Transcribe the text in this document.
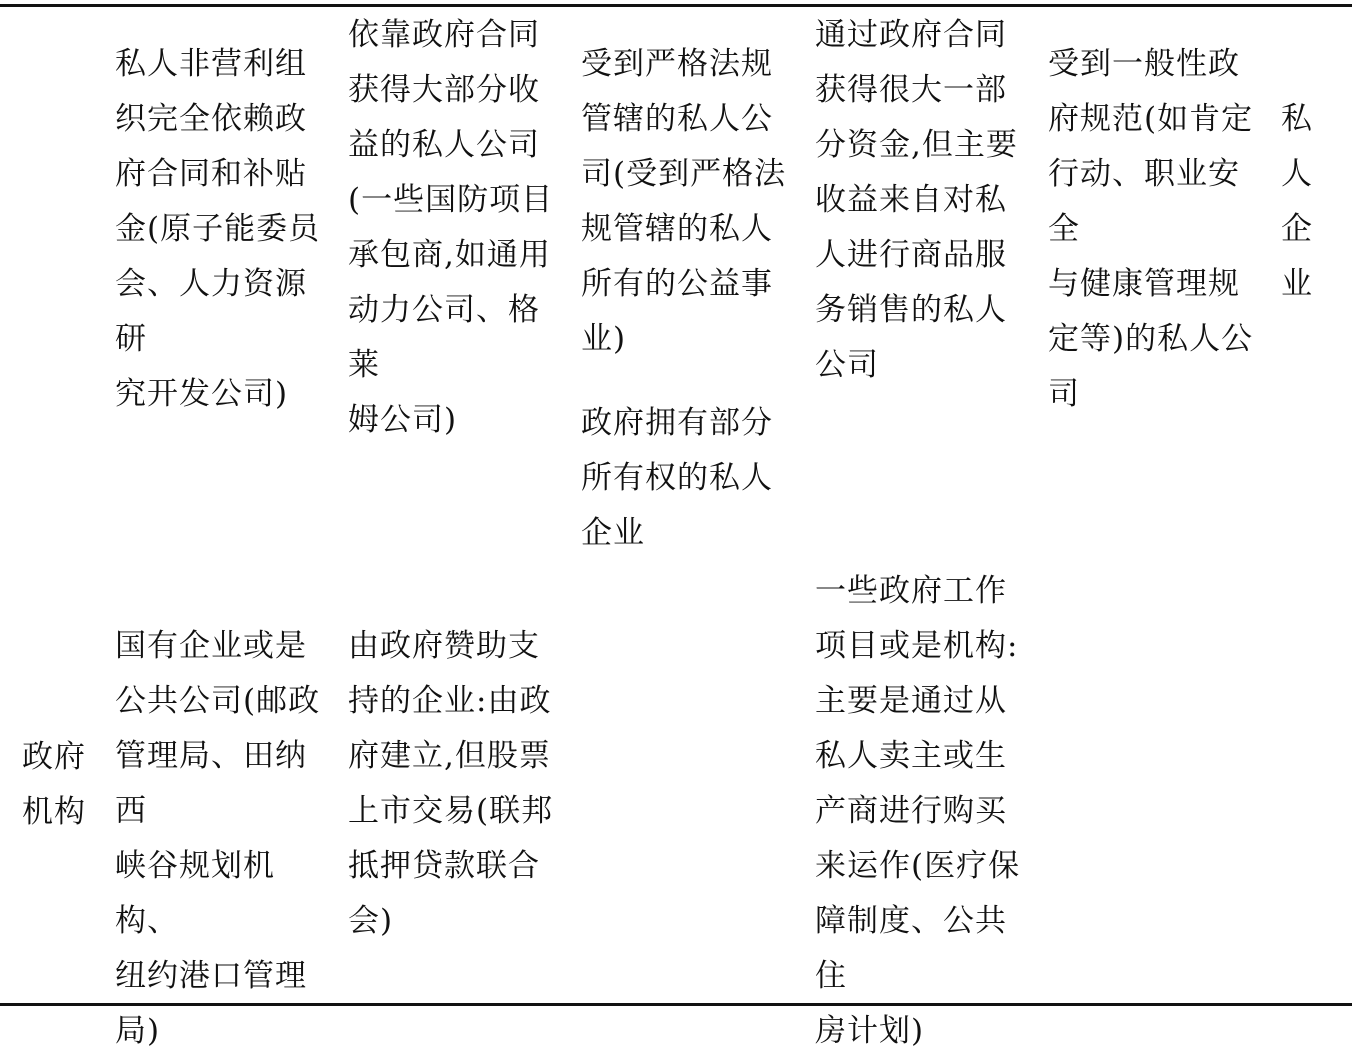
私人非营利组
织完全依赖政
府合同和补贴
金(原子能委员
会、人力资源研
究开发公司)
依靠政府合同
获得大部分收
益的私人公司
(一些国防项目
承包商,如通用
动力公司、格莱
姆公司)
受到严格法规
管辖的私人公
司(受到严格法
规管辖的私人
所有的公益事
业)
政府拥有部分
所有权的私人
企业
通过政府合同
获得很大一部
分资金,但主要
收益来自对私
人进行商品服
务销售的私人
公司
受到一般性政
府规范(如肯定
行动、职业安全
与健康管理规
定等)的私人公
司
私
人
企
业
政府
机构
国有企业或是
公共公司(邮政
管理局、田纳西
峡谷规划机构、
纽约港口管理
局)
由政府赞助支
持的企业:由政
府建立,但股票
上市交易(联邦
抵押贷款联合
会)
一些政府工作
项目或是机构:
主要是通过从
私人卖主或生
产商进行购买
来运作(医疗保
障制度、公共住
房计划)
